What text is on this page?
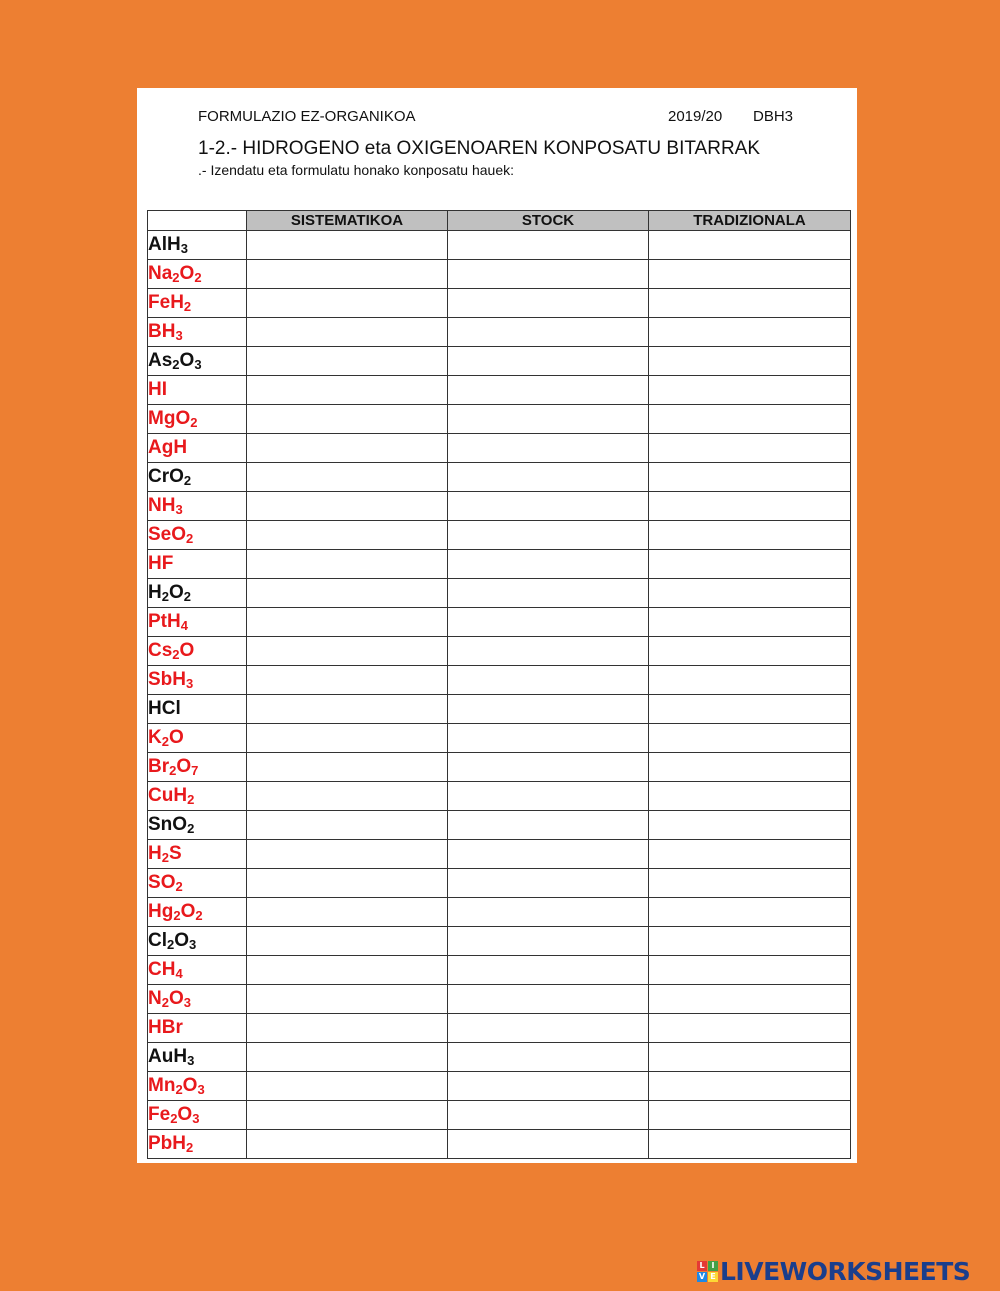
FORMULAZIO EZ-ORGANIKOA	2019/20 DBH3
1-2.- HIDROGENO eta OXIGENOAREN KONPOSATU BITARRAK
.- Izendatu eta formulatu honako konposatu hauek:
	SISTEMATIKOA	STOCK	TRADIZIONALA
AlH$_3$			
$Na_2O_2$			
FeH$_2$			
$BH_3$			
$As_2O_3$			
HI			
MgO$_2$			
AgH			
CrO$_2$			
$NH_3$			
SeO$_2$			
HF			
$H_2O_2$			
PtH$_4$			
$Cs_2O$			
SbH$_3$			
HCl			
$K_2O$			
$Br_2O_7$			
CuH$_2$			
SnO$_2$			
$H_2S$			
$SO_2$			
$Hg_2O_2$			
$Cl_2O_3$			
$CH_4$			
$N_2O_3$			
HBr			
AuH$_3$			
$Mn_2O_3$			
$Fe_2O_3$			
PbH$_2$			
L I
V E LIVEWORKSHEETS
